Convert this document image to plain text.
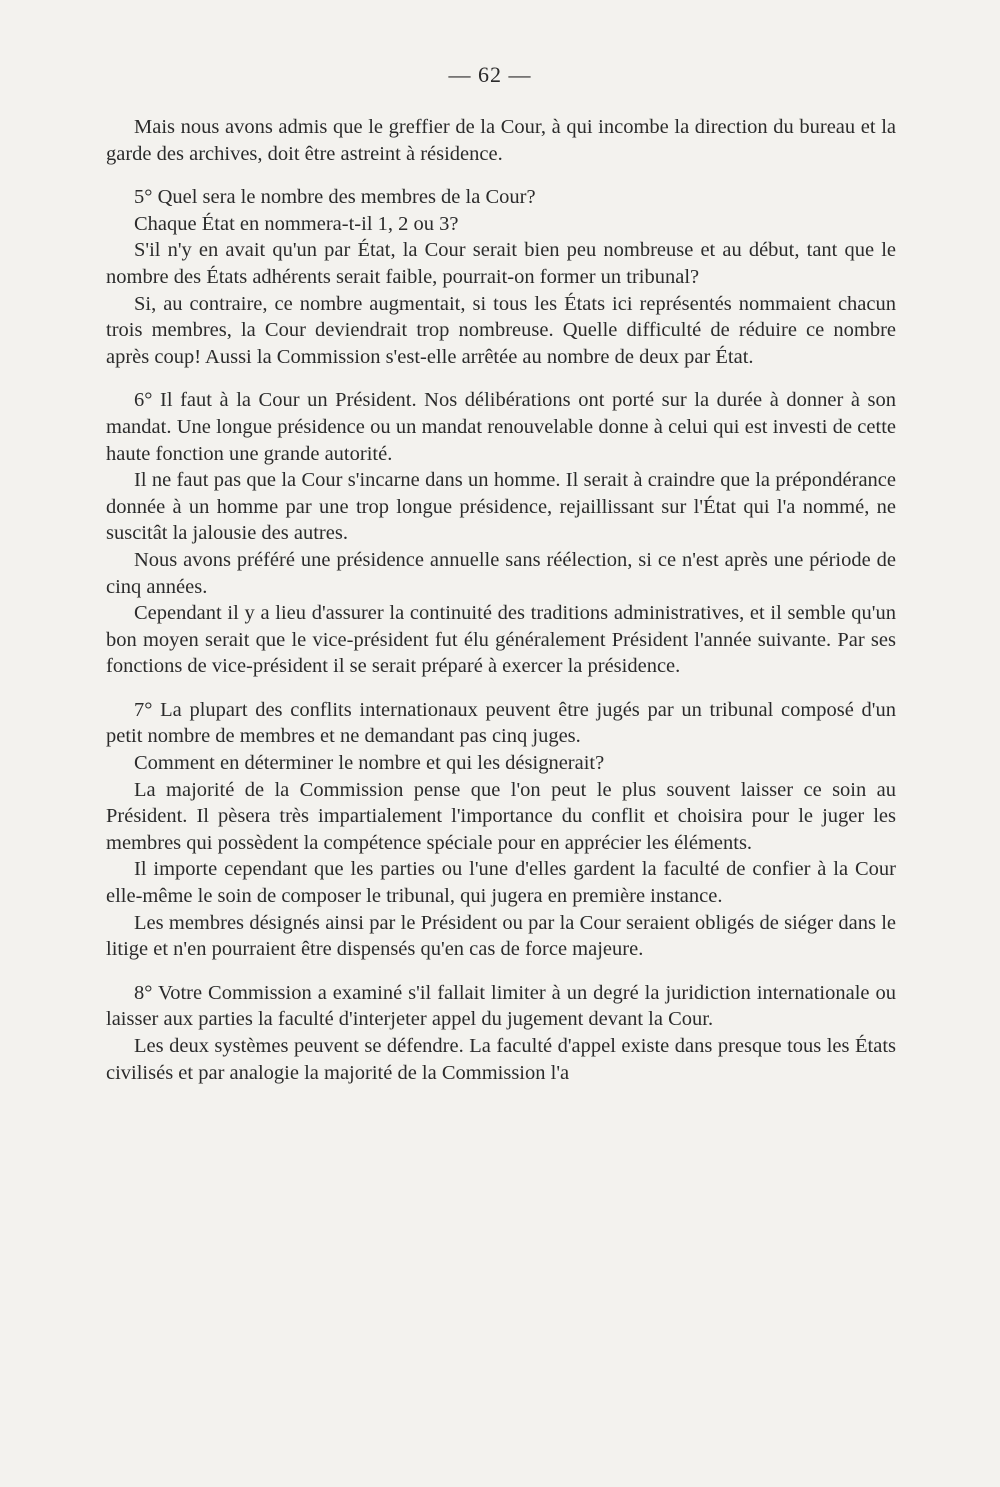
— 62 —

Mais nous avons admis que le greffier de la Cour, à qui incombe la direction du bureau et la garde des archives, doit être astreint à résidence.

5° Quel sera le nombre des membres de la Cour?

Chaque État en nommera-t-il 1, 2 ou 3?

S'il n'y en avait qu'un par État, la Cour serait bien peu nombreuse et au début, tant que le nombre des États adhérents serait faible, pourrait-on former un tribunal?

Si, au contraire, ce nombre augmentait, si tous les États ici représentés nommaient chacun trois membres, la Cour deviendrait trop nombreuse. Quelle difficulté de réduire ce nombre après coup! Aussi la Commission s'est-elle arrêtée au nombre de deux par État.

6° Il faut à la Cour un Président. Nos délibérations ont porté sur la durée à donner à son mandat. Une longue présidence ou un mandat renouvelable donne à celui qui est investi de cette haute fonction une grande autorité.

Il ne faut pas que la Cour s'incarne dans un homme. Il serait à craindre que la prépondérance donnée à un homme par une trop longue présidence, rejaillissant sur l'État qui l'a nommé, ne suscitât la jalousie des autres.

Nous avons préféré une présidence annuelle sans réélection, si ce n'est après une période de cinq années.

Cependant il y a lieu d'assurer la continuité des traditions administratives, et il semble qu'un bon moyen serait que le vice-président fut élu généralement Président l'année suivante. Par ses fonctions de vice-président il se serait préparé à exercer la présidence.

7° La plupart des conflits internationaux peuvent être jugés par un tribunal composé d'un petit nombre de membres et ne demandant pas cinq juges.

Comment en déterminer le nombre et qui les désignerait?

La majorité de la Commission pense que l'on peut le plus souvent laisser ce soin au Président. Il pèsera très impartialement l'importance du conflit et choisira pour le juger les membres qui possèdent la compétence spéciale pour en apprécier les éléments.

Il importe cependant que les parties ou l'une d'elles gardent la faculté de confier à la Cour elle-même le soin de composer le tribunal, qui jugera en première instance.

Les membres désignés ainsi par le Président ou par la Cour seraient obligés de siéger dans le litige et n'en pourraient être dispensés qu'en cas de force majeure.

8° Votre Commission a examiné s'il fallait limiter à un degré la juridiction internationale ou laisser aux parties la faculté d'interjeter appel du jugement devant la Cour.

Les deux systèmes peuvent se défendre. La faculté d'appel existe dans presque tous les États civilisés et par analogie la majorité de la Commission l'a
